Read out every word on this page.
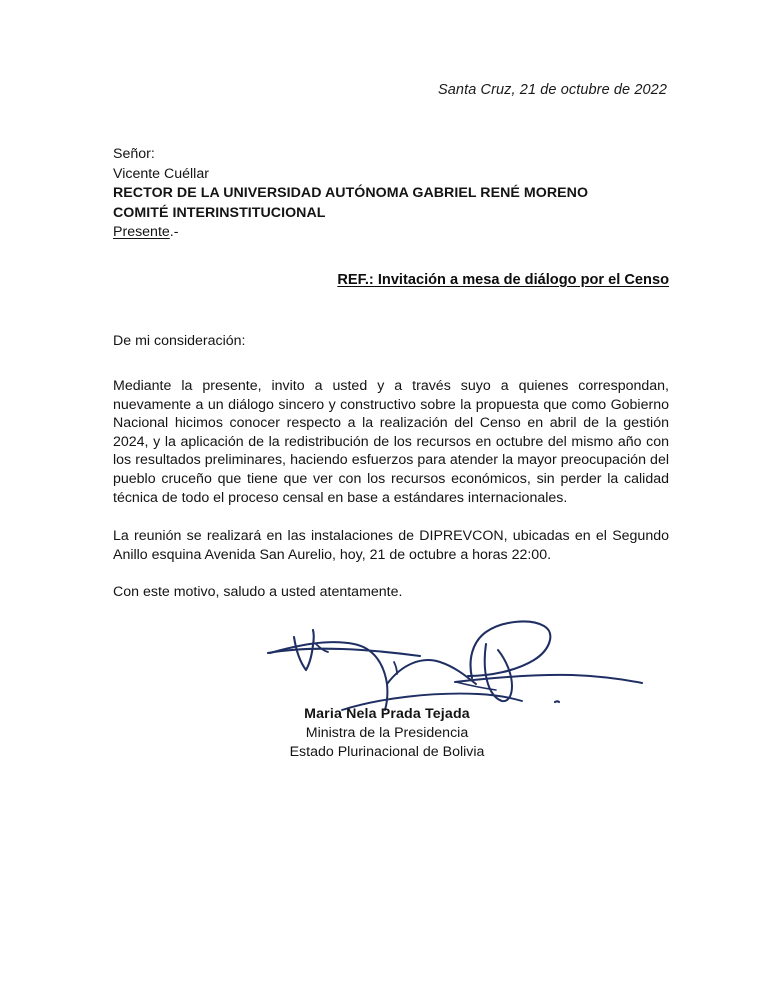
Santa Cruz, 21 de octubre de 2022
Señor:
Vicente Cuéllar
RECTOR DE LA UNIVERSIDAD AUTÓNOMA GABRIEL RENÉ MORENO
COMITÉ INTERINSTITUCIONAL
Presente.-
REF.: Invitación a mesa de diálogo por el Censo
De mi consideración:
Mediante la presente, invito a usted y a través suyo a quienes correspondan, nuevamente a un diálogo sincero y constructivo sobre la propuesta que como Gobierno Nacional hicimos conocer respecto a la realización del Censo en abril de la gestión 2024, y la aplicación de la redistribución de los recursos en octubre del mismo año con los resultados preliminares, haciendo esfuerzos para atender la mayor preocupación del pueblo cruceño que tiene que ver con los recursos económicos, sin perder la calidad técnica de todo el proceso censal en base a estándares internacionales.
La reunión se realizará en las instalaciones de DIPREVCON, ubicadas en el Segundo Anillo esquina Avenida San Aurelio, hoy, 21 de octubre a horas 22:00.
Con este motivo, saludo a usted atentamente.
Maria Nela Prada Tejada
Ministra de la Presidencia
Estado Plurinacional de Bolivia
